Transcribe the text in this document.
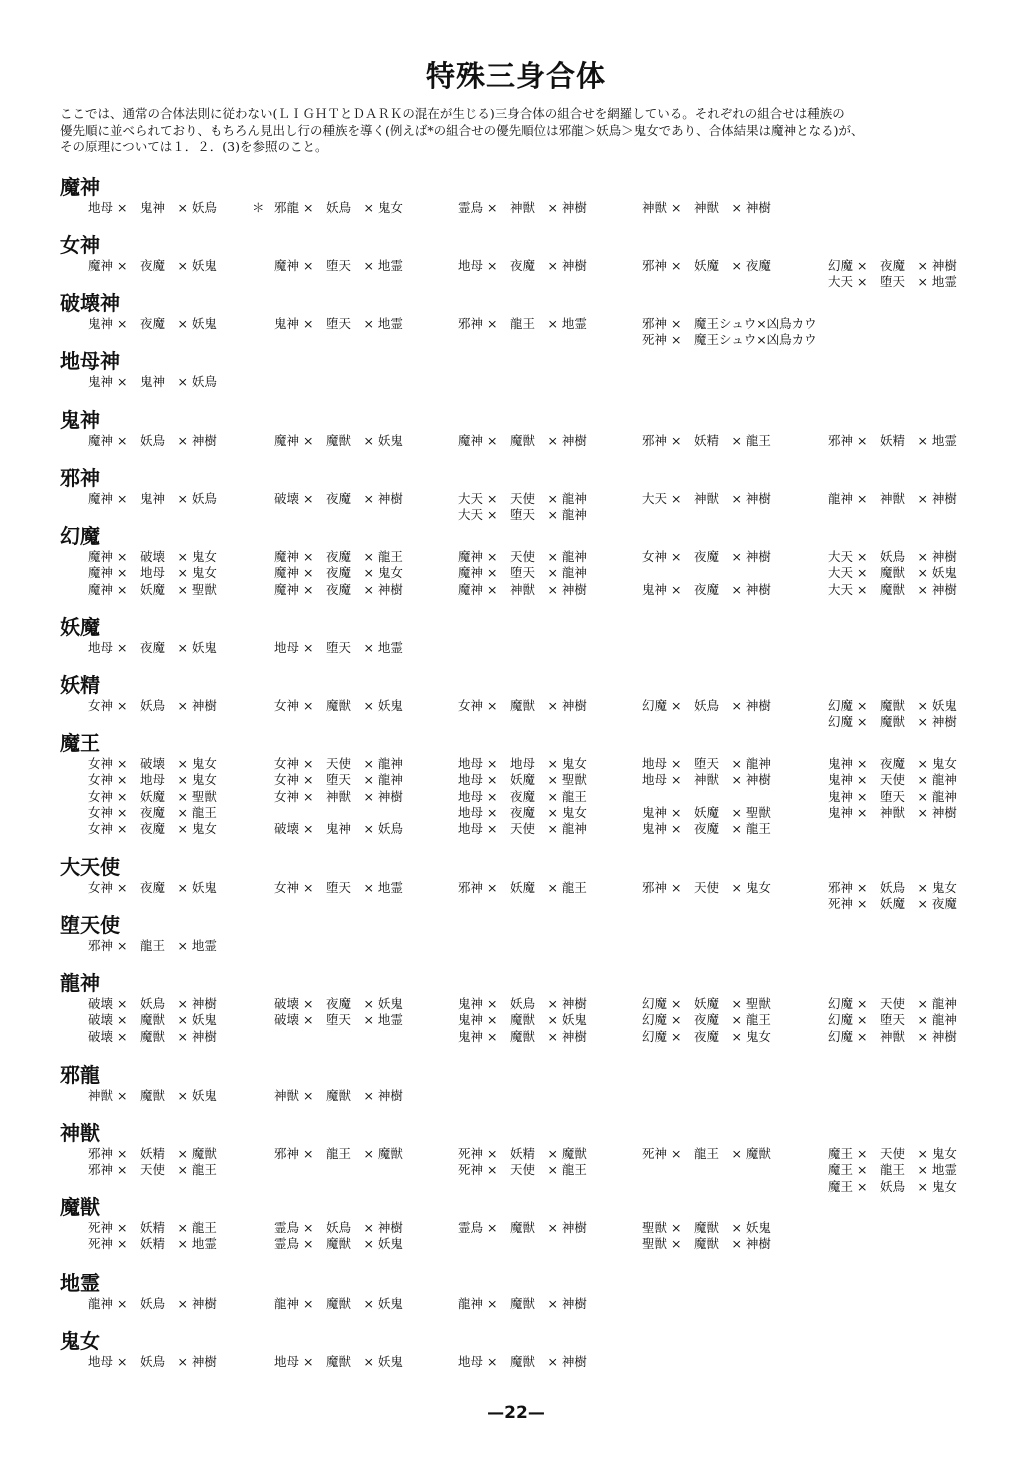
特殊三身合体
ここでは、通常の合体法則に従わない(ＬＩＧＨＴとＤＡＲＫの混在が生じる)三身合体の組合せを網羅している。それぞれの組合せは種族の
優先順に並べられており、もちろん見出し行の種族を導く(例えば*の組合せの優先順位は邪龍＞妖鳥＞鬼女であり、合体結果は魔神となる)が、
その原理については１．２．(3)を参照のこと。
魔神
地母 ×　鬼神　× 妖鳥	＊ 邪龍 ×　妖鳥　× 鬼女	霊鳥 ×　神獣　× 神樹	神獣 ×　神獣　× 神樹
女神
魔神 ×　夜魔　× 妖鬼	魔神 ×　堕天　× 地霊	地母 ×　夜魔　× 神樹	邪神 ×　妖魔　× 夜魔	幻魔 ×　夜魔　× 神樹
大天 ×　堕天　× 地霊
破壊神
鬼神 ×　夜魔　× 妖鬼	鬼神 ×　堕天　× 地霊	邪神 ×　龍王　× 地霊	邪神 ×　魔王シュウ×凶鳥カウ
死神 ×　魔王シュウ×凶鳥カウ
地母神
鬼神 ×　鬼神　× 妖鳥
鬼神
魔神 ×　妖鳥　× 神樹	魔神 ×　魔獣　× 妖鬼	魔神 ×　魔獣　× 神樹	邪神 ×　妖精　× 龍王	邪神 ×　妖精　× 地霊
邪神
魔神 ×　鬼神　× 妖鳥	破壊 ×　夜魔　× 神樹	大天 ×　天使　× 龍神	大天 ×　神獣　× 神樹	龍神 ×　神獣　× 神樹
大天 ×　堕天　× 龍神
幻魔
魔神 ×　破壊　× 鬼女	魔神 ×　夜魔　× 龍王	魔神 ×　天使　× 龍神	女神 ×　夜魔　× 神樹	大天 ×　妖鳥　× 神樹
魔神 ×　地母　× 鬼女	魔神 ×　夜魔　× 鬼女	魔神 ×　堕天　× 龍神	大天 ×　魔獣　× 妖鬼
魔神 ×　妖魔　× 聖獣	魔神 ×　夜魔　× 神樹	魔神 ×　神獣　× 神樹	鬼神 ×　夜魔　× 神樹	大天 ×　魔獣　× 神樹
妖魔
地母 ×　夜魔　× 妖鬼	地母 ×　堕天　× 地霊
妖精
女神 ×　妖鳥　× 神樹	女神 ×　魔獣　× 妖鬼	女神 ×　魔獣　× 神樹	幻魔 ×　妖鳥　× 神樹	幻魔 ×　魔獣　× 妖鬼
幻魔 ×　魔獣　× 神樹
魔王
女神 ×　破壊　× 鬼女	女神 ×　天使　× 龍神	地母 ×　地母　× 鬼女	地母 ×　堕天　× 龍神	鬼神 ×　夜魔　× 鬼女
女神 ×　地母　× 鬼女	女神 ×　堕天　× 龍神	地母 ×　妖魔　× 聖獣	地母 ×　神獣　× 神樹	鬼神 ×　天使　× 龍神
女神 ×　妖魔　× 聖獣	女神 ×　神獣　× 神樹	地母 ×　夜魔　× 龍王	鬼神 ×　堕天　× 龍神
女神 ×　夜魔　× 龍王	地母 ×　夜魔　× 鬼女	鬼神 ×　妖魔　× 聖獣	鬼神 ×　神獣　× 神樹
女神 ×　夜魔　× 鬼女	破壊 ×　鬼神　× 妖鳥	地母 ×　天使　× 龍神	鬼神 ×　夜魔　× 龍王
大天使
女神 ×　夜魔　× 妖鬼	女神 ×　堕天　× 地霊	邪神 ×　妖魔　× 龍王	邪神 ×　天使　× 鬼女	邪神 ×　妖鳥　× 鬼女
死神 ×　妖魔　× 夜魔
堕天使
邪神 ×　龍王　× 地霊
龍神
破壊 ×　妖鳥　× 神樹	破壊 ×　夜魔　× 妖鬼	鬼神 ×　妖鳥　× 神樹	幻魔 ×　妖魔　× 聖獣	幻魔 ×　天使　× 龍神
破壊 ×　魔獣　× 妖鬼	破壊 ×　堕天　× 地霊	鬼神 ×　魔獣　× 妖鬼	幻魔 ×　夜魔　× 龍王	幻魔 ×　堕天　× 龍神
破壊 ×　魔獣　× 神樹	鬼神 ×　魔獣　× 神樹	幻魔 ×　夜魔　× 鬼女	幻魔 ×　神獣　× 神樹
邪龍
神獣 ×　魔獣　× 妖鬼	神獣 ×　魔獣　× 神樹
神獣
邪神 ×　妖精　× 魔獣	邪神 ×　龍王　× 魔獣	死神 ×　妖精　× 魔獣	死神 ×　龍王　× 魔獣	魔王 ×　天使　× 鬼女
邪神 ×　天使　× 龍王	死神 ×　天使　× 龍王	魔王 ×　龍王　× 地霊
魔王 ×　妖鳥　× 鬼女
魔獣
死神 ×　妖精　× 龍王	霊鳥 ×　妖鳥　× 神樹	霊鳥 ×　魔獣　× 神樹	聖獣 ×　魔獣　× 妖鬼
死神 ×　妖精　× 地霊	霊鳥 ×　魔獣　× 妖鬼	聖獣 ×　魔獣　× 神樹
地霊
龍神 ×　妖鳥　× 神樹	龍神 ×　魔獣　× 妖鬼	龍神 ×　魔獣　× 神樹
鬼女
地母 ×　妖鳥　× 神樹	地母 ×　魔獣　× 妖鬼	地母 ×　魔獣　× 神樹
—22—
